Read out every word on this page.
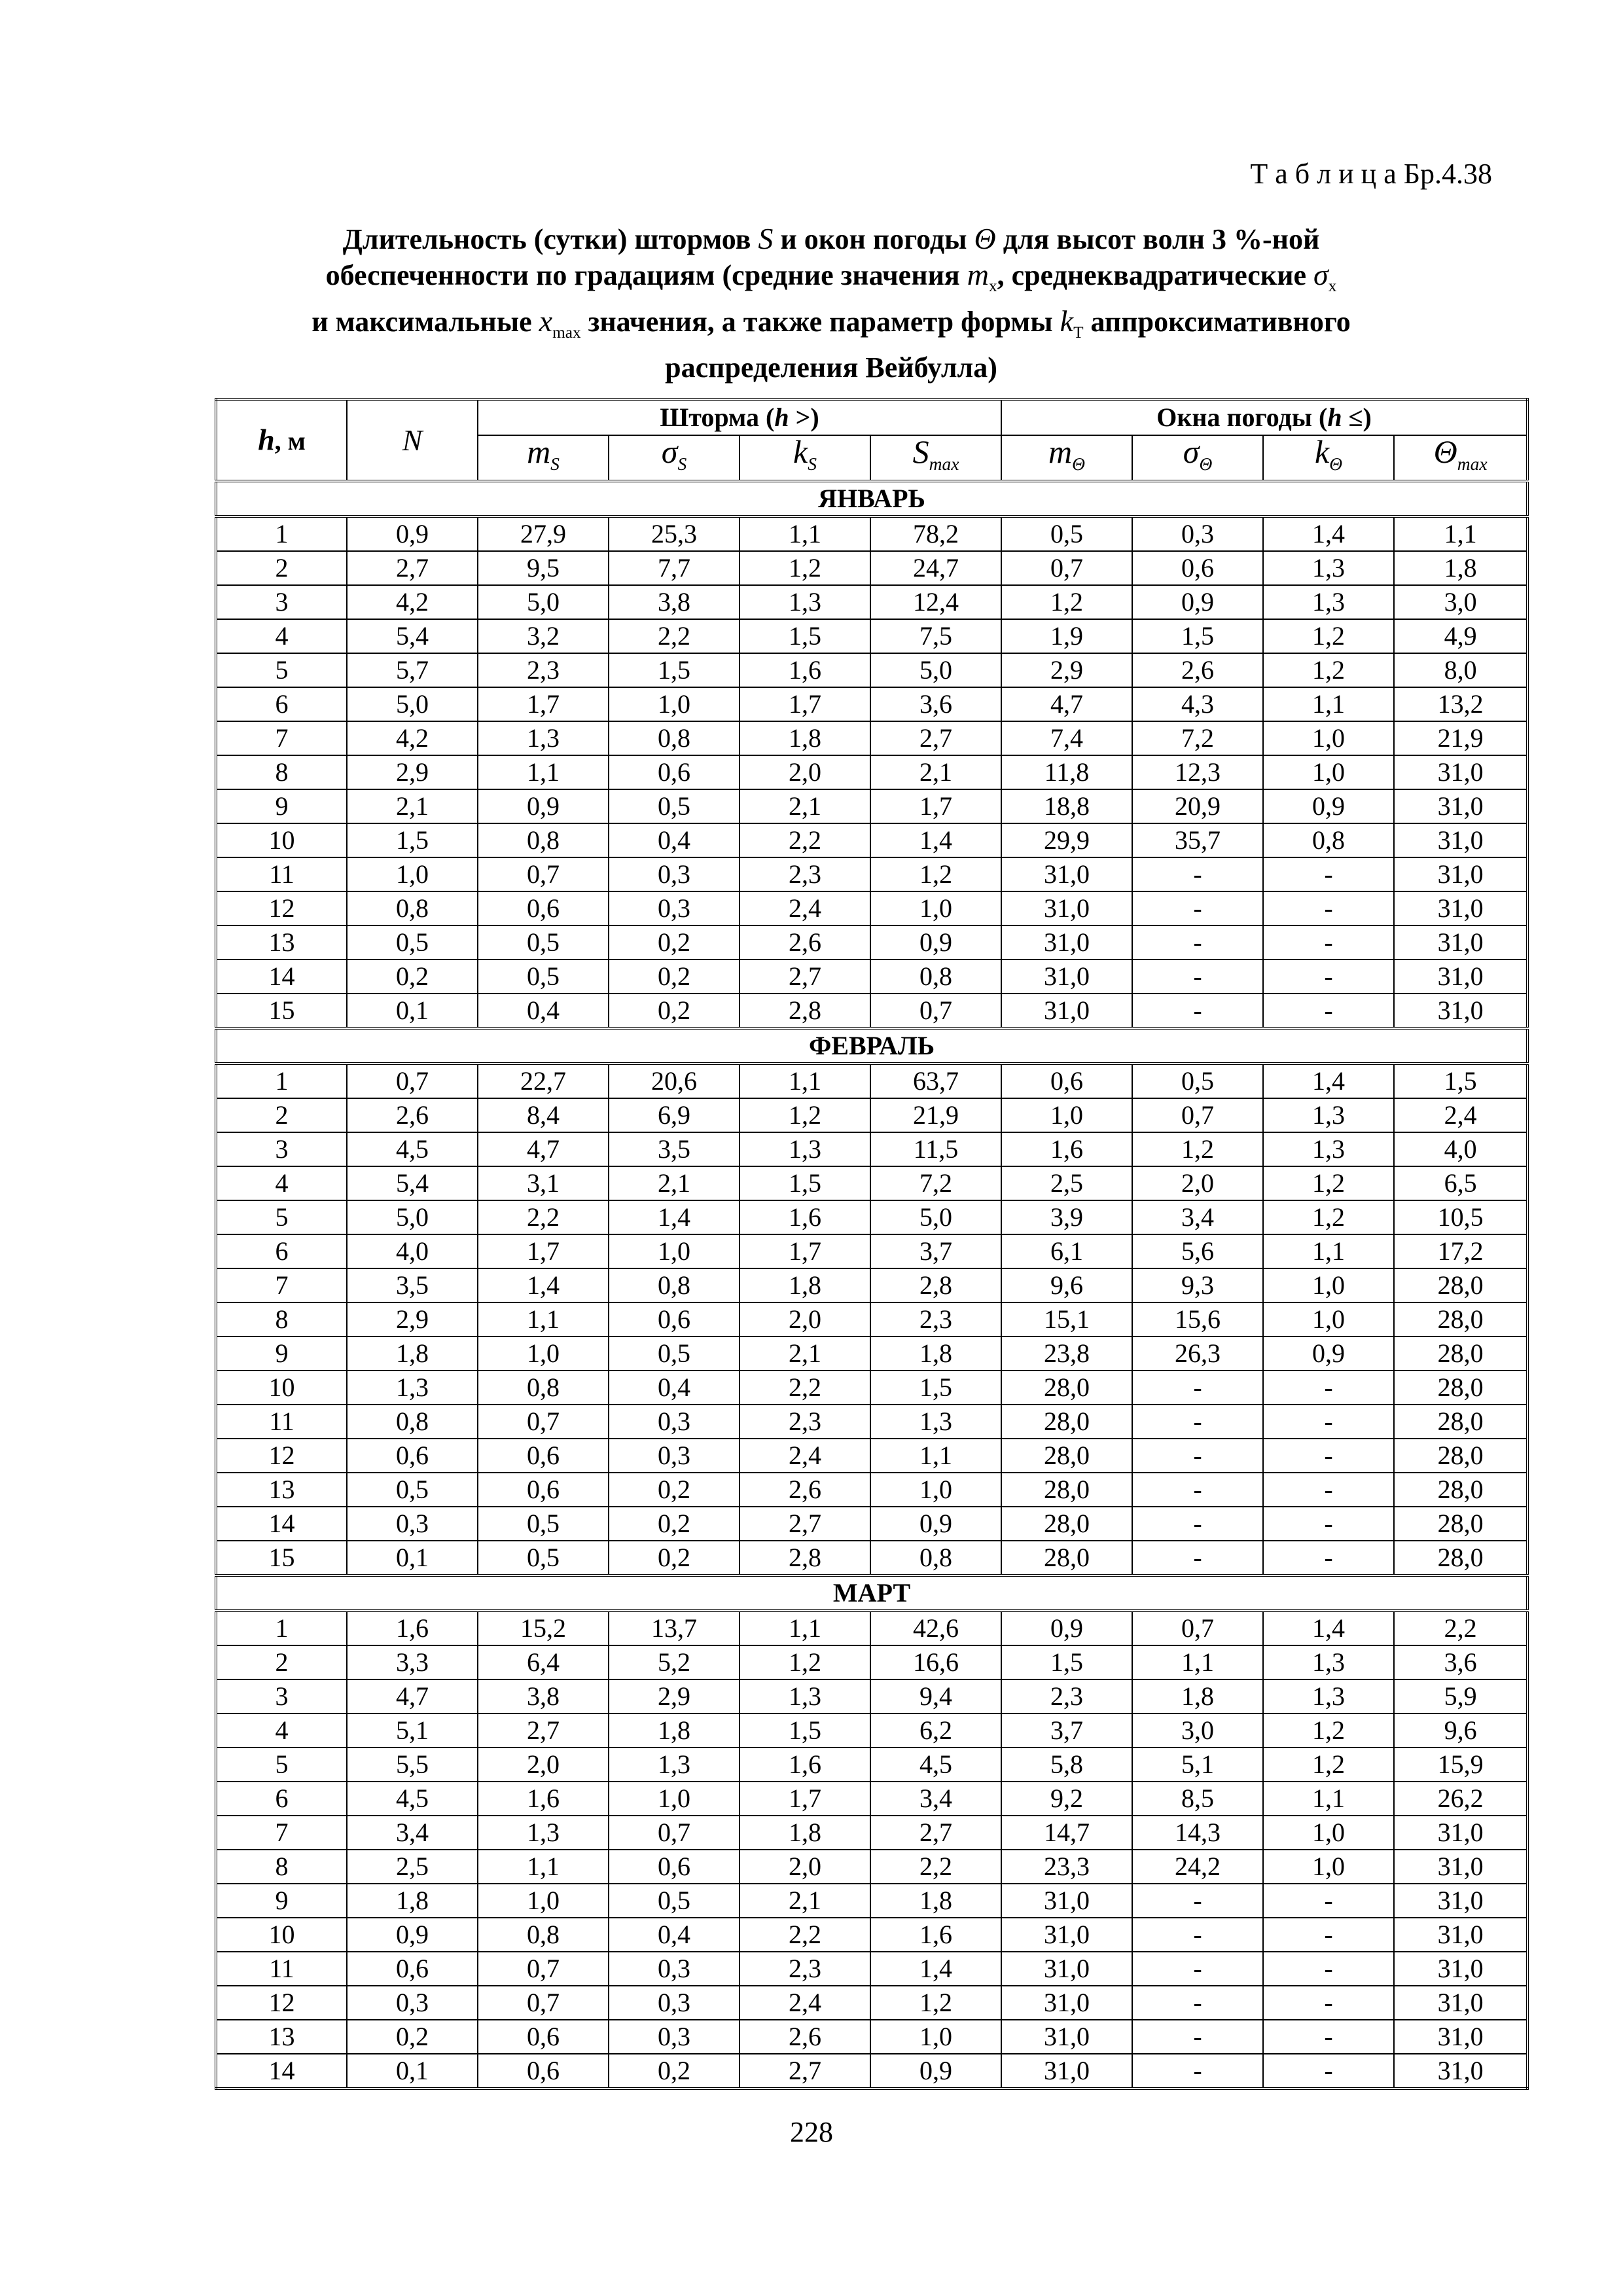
Т а б л и ц а Бр.4.38
Длительность (сутки) штормов S и окон погоды Θ для высот волн 3 %-ной
обеспеченности по градациям (средние значения $m_x$, среднеквадратические $\sigma_x$
и максимальные $x_{max}$ значения, а также параметр формы $k_T$ аппроксимативного
распределения Вейбулла)
h, м	N	Шторма (h >)				Окна погоды (h ≤)			
		$m_S$	$\sigma_S$	$k_S$	$S_{max}$	$m_\Theta$	$\sigma_\Theta$	$k_\Theta$	$\Theta_{max}$
ЯНВАРЬ									
1	0,9	27,9	25,3	1,1	78,2	0,5	0,3	1,4	1,1
2	2,7	9,5	7,7	1,2	24,7	0,7	0,6	1,3	1,8
3	4,2	5,0	3,8	1,3	12,4	1,2	0,9	1,3	3,0
4	5,4	3,2	2,2	1,5	7,5	1,9	1,5	1,2	4,9
5	5,7	2,3	1,5	1,6	5,0	2,9	2,6	1,2	8,0
6	5,0	1,7	1,0	1,7	3,6	4,7	4,3	1,1	13,2
7	4,2	1,3	0,8	1,8	2,7	7,4	7,2	1,0	21,9
8	2,9	1,1	0,6	2,0	2,1	11,8	12,3	1,0	31,0
9	2,1	0,9	0,5	2,1	1,7	18,8	20,9	0,9	31,0
10	1,5	0,8	0,4	2,2	1,4	29,9	35,7	0,8	31,0
11	1,0	0,7	0,3	2,3	1,2	31,0	-	-	31,0
12	0,8	0,6	0,3	2,4	1,0	31,0	-	-	31,0
13	0,5	0,5	0,2	2,6	0,9	31,0	-	-	31,0
14	0,2	0,5	0,2	2,7	0,8	31,0	-	-	31,0
15	0,1	0,4	0,2	2,8	0,7	31,0	-	-	31,0
ФЕВРАЛЬ									
1	0,7	22,7	20,6	1,1	63,7	0,6	0,5	1,4	1,5
2	2,6	8,4	6,9	1,2	21,9	1,0	0,7	1,3	2,4
3	4,5	4,7	3,5	1,3	11,5	1,6	1,2	1,3	4,0
4	5,4	3,1	2,1	1,5	7,2	2,5	2,0	1,2	6,5
5	5,0	2,2	1,4	1,6	5,0	3,9	3,4	1,2	10,5
6	4,0	1,7	1,0	1,7	3,7	6,1	5,6	1,1	17,2
7	3,5	1,4	0,8	1,8	2,8	9,6	9,3	1,0	28,0
8	2,9	1,1	0,6	2,0	2,3	15,1	15,6	1,0	28,0
9	1,8	1,0	0,5	2,1	1,8	23,8	26,3	0,9	28,0
10	1,3	0,8	0,4	2,2	1,5	28,0	-	-	28,0
11	0,8	0,7	0,3	2,3	1,3	28,0	-	-	28,0
12	0,6	0,6	0,3	2,4	1,1	28,0	-	-	28,0
13	0,5	0,6	0,2	2,6	1,0	28,0	-	-	28,0
14	0,3	0,5	0,2	2,7	0,9	28,0	-	-	28,0
15	0,1	0,5	0,2	2,8	0,8	28,0	-	-	28,0
МАРТ									
1	1,6	15,2	13,7	1,1	42,6	0,9	0,7	1,4	2,2
2	3,3	6,4	5,2	1,2	16,6	1,5	1,1	1,3	3,6
3	4,7	3,8	2,9	1,3	9,4	2,3	1,8	1,3	5,9
4	5,1	2,7	1,8	1,5	6,2	3,7	3,0	1,2	9,6
5	5,5	2,0	1,3	1,6	4,5	5,8	5,1	1,2	15,9
6	4,5	1,6	1,0	1,7	3,4	9,2	8,5	1,1	26,2
7	3,4	1,3	0,7	1,8	2,7	14,7	14,3	1,0	31,0
8	2,5	1,1	0,6	2,0	2,2	23,3	24,2	1,0	31,0
9	1,8	1,0	0,5	2,1	1,8	31,0	-	-	31,0
10	0,9	0,8	0,4	2,2	1,6	31,0	-	-	31,0
11	0,6	0,7	0,3	2,3	1,4	31,0	-	-	31,0
12	0,3	0,7	0,3	2,4	1,2	31,0	-	-	31,0
13	0,2	0,6	0,3	2,6	1,0	31,0	-	-	31,0
14	0,1	0,6	0,2	2,7	0,9	31,0	-	-	31,0
228
